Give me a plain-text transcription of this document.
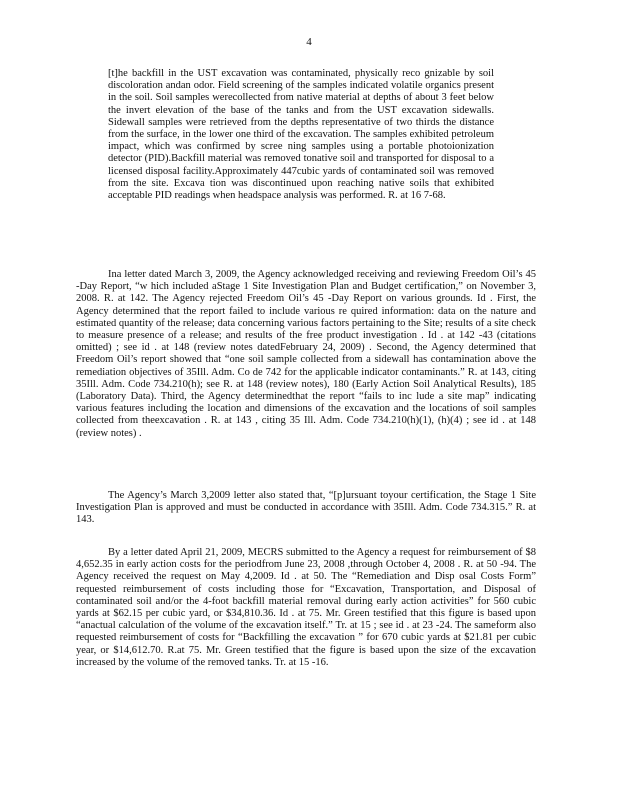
4

[t]he backfill in the UST excavation was contaminated, physically reco gnizable by soil discoloration andan odor. Field screening of the samples indicated volatile organics present in the soil. Soil samples werecollected from native material at depths of about 3 feet below the invert elevation of the base of the tanks and from the UST excavation sidewalls. Sidewall samples were retrieved from the depths representative of two thirds the distance from the surface, in the lower one third of the excavation. The samples exhibited petroleum impact, which was confirmed by scree ning samples using a portable photoionization detector (PID).Backfill material was removed tonative soil and transported for disposal to a licensed disposal facility.Approximately 447cubic yards of contaminated soil was removed from the site. Excava tion was discontinued upon reaching native soils that exhibited acceptable PID readings when headspace analysis was performed. R. at 16 7-68.

Ina letter dated March 3, 2009, the Agency acknowledged receiving and reviewing Freedom Oil’s 45 -Day Report, “w hich included aStage 1 Site Investigation Plan and Budget certification,” on November 3, 2008. R. at 142. The Agency rejected Freedom Oil’s 45 -Day Report on various grounds. Id . First, the Agency determined that the report failed to include various re quired information: data on the nature and estimated quantity of the release; data concerning various factors pertaining to the Site; results of a site check to measure presence of a release; and results of the free product investigation . Id . at 142 -43 (citations omitted) ; see id . at 148 (review notes datedFebruary 24, 2009) . Second, the Agency determined that Freedom Oil’s report showed that “one soil sample collected from a sidewall has contamination above the remediation objectives of 35Ill. Adm. Co de 742 for the applicable indicator contaminants.” R. at 143, citing 35Ill. Adm. Code 734.210(h); see R. at 148 (review notes), 180 (Early Action Soil Analytical Results), 185 (Laboratory Data). Third, the Agency determinedthat the report “fails to inc lude a site map” indicating various features including the location and dimensions of the excavation and the locations of soil samples collected from theexcavation . R. at 143 , citing 35 Ill. Adm. Code 734.210(h)(1), (h)(4) ; see id . at 148 (review notes) .

The Agency’s March 3,2009 letter also stated that, “[p]ursuant toyour certification, the Stage 1 Site Investigation Plan is approved and must be conducted in accordance with 35Ill. Adm. Code 734.315.” R. at 143.

By a letter dated April 21, 2009, MECRS submitted to the Agency a request for reimbursement of $8 4,652.35 in early action costs for the periodfrom June 23, 2008 ,through October 4, 2008 . R. at 50 -94. The Agency received the request on May 4,2009. Id . at 50. The “Remediation and Disp osal Costs Form” requested reimbursement of costs including those for “Excavation, Transportation, and Disposal of contaminated soil and/or the 4-foot backfill material removal during early action activities” for 560 cubic yards at $62.15 per cubic yard, or $34,810.36. Id . at 75. Mr. Green testified that this figure is based upon “anactual calculation of the volume of the excavation itself.” Tr. at 15 ; see id . at 23 -24. The sameform also requested reimbursement of costs for “Backfilling the excavation ” for 670 cubic yards at $21.81 per cubic year, or $14,612.70. R.at 75. Mr. Green testified that the figure is based upon the size of the excavation increased by the volume of the removed tanks. Tr. at 15 -16.
